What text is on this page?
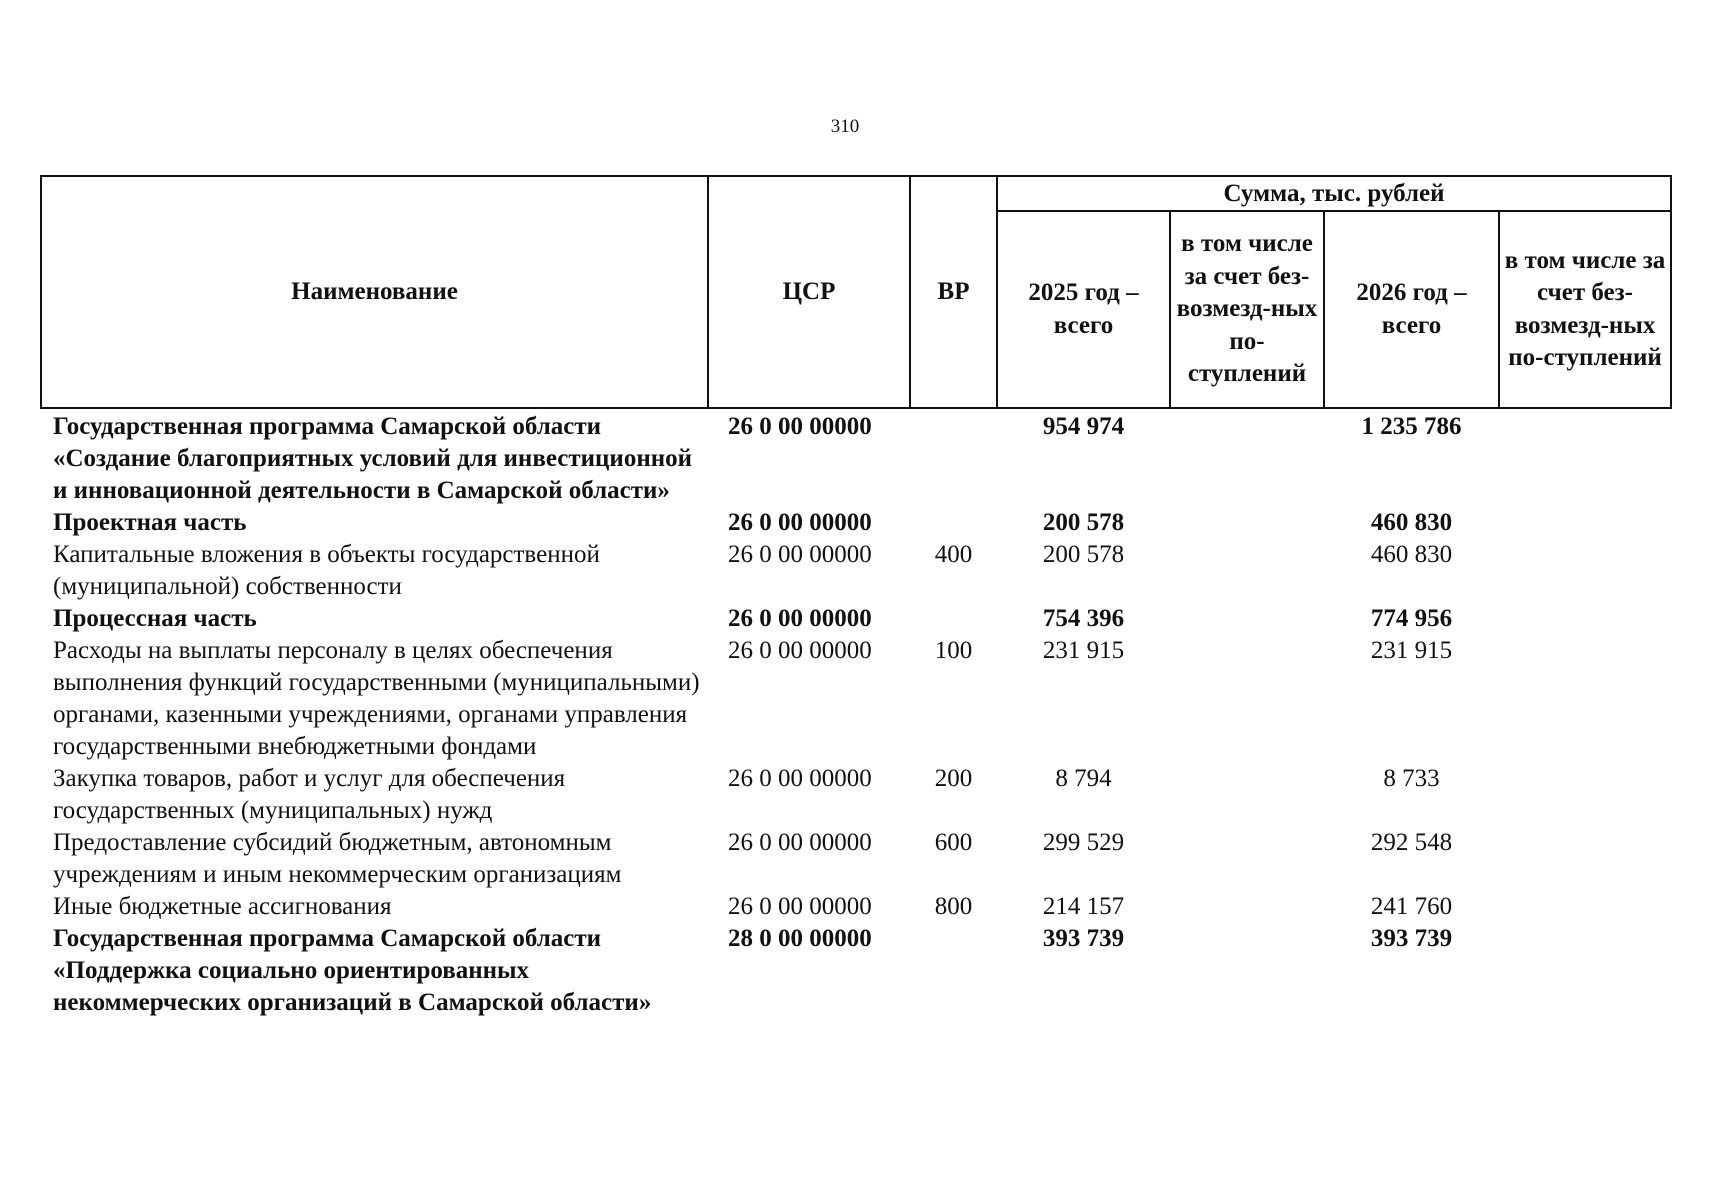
310
Наименование	ЦСР	ВР	Сумма, тыс. рублей			
			2025 год – всего	в том числе за счет без-возмезд-ных по-ступлений	2026 год – всего	в том числе за счет без-возмезд-ных по-ступлений
Государственная программа Самарской области «Создание благоприятных условий для инвестиционной и инновационной деятельности в Самарской области»	26 0 00 00000		954 974		1 235 786	
Проектная часть	26 0 00 00000		200 578		460 830	
Капитальные вложения в объекты государственной (муниципальной) собственности	26 0 00 00000	400	200 578		460 830	
Процессная часть	26 0 00 00000		754 396		774 956	
Расходы на выплаты персоналу в целях обеспечения выполнения функций государственными (муниципальными) органами, казенными учреждениями, органами управления государственными внебюджетными фондами	26 0 00 00000	100	231 915		231 915	
Закупка товаров, работ и услуг для обеспечения государственных (муниципальных) нужд	26 0 00 00000	200	8 794		8 733	
Предоставление субсидий бюджетным, автономным учреждениям и иным некоммерческим организациям	26 0 00 00000	600	299 529		292 548	
Иные бюджетные ассигнования	26 0 00 00000	800	214 157		241 760	
Государственная программа Самарской области «Поддержка социально ориентированных некоммерческих организаций в Самарской области»	28 0 00 00000		393 739		393 739	
